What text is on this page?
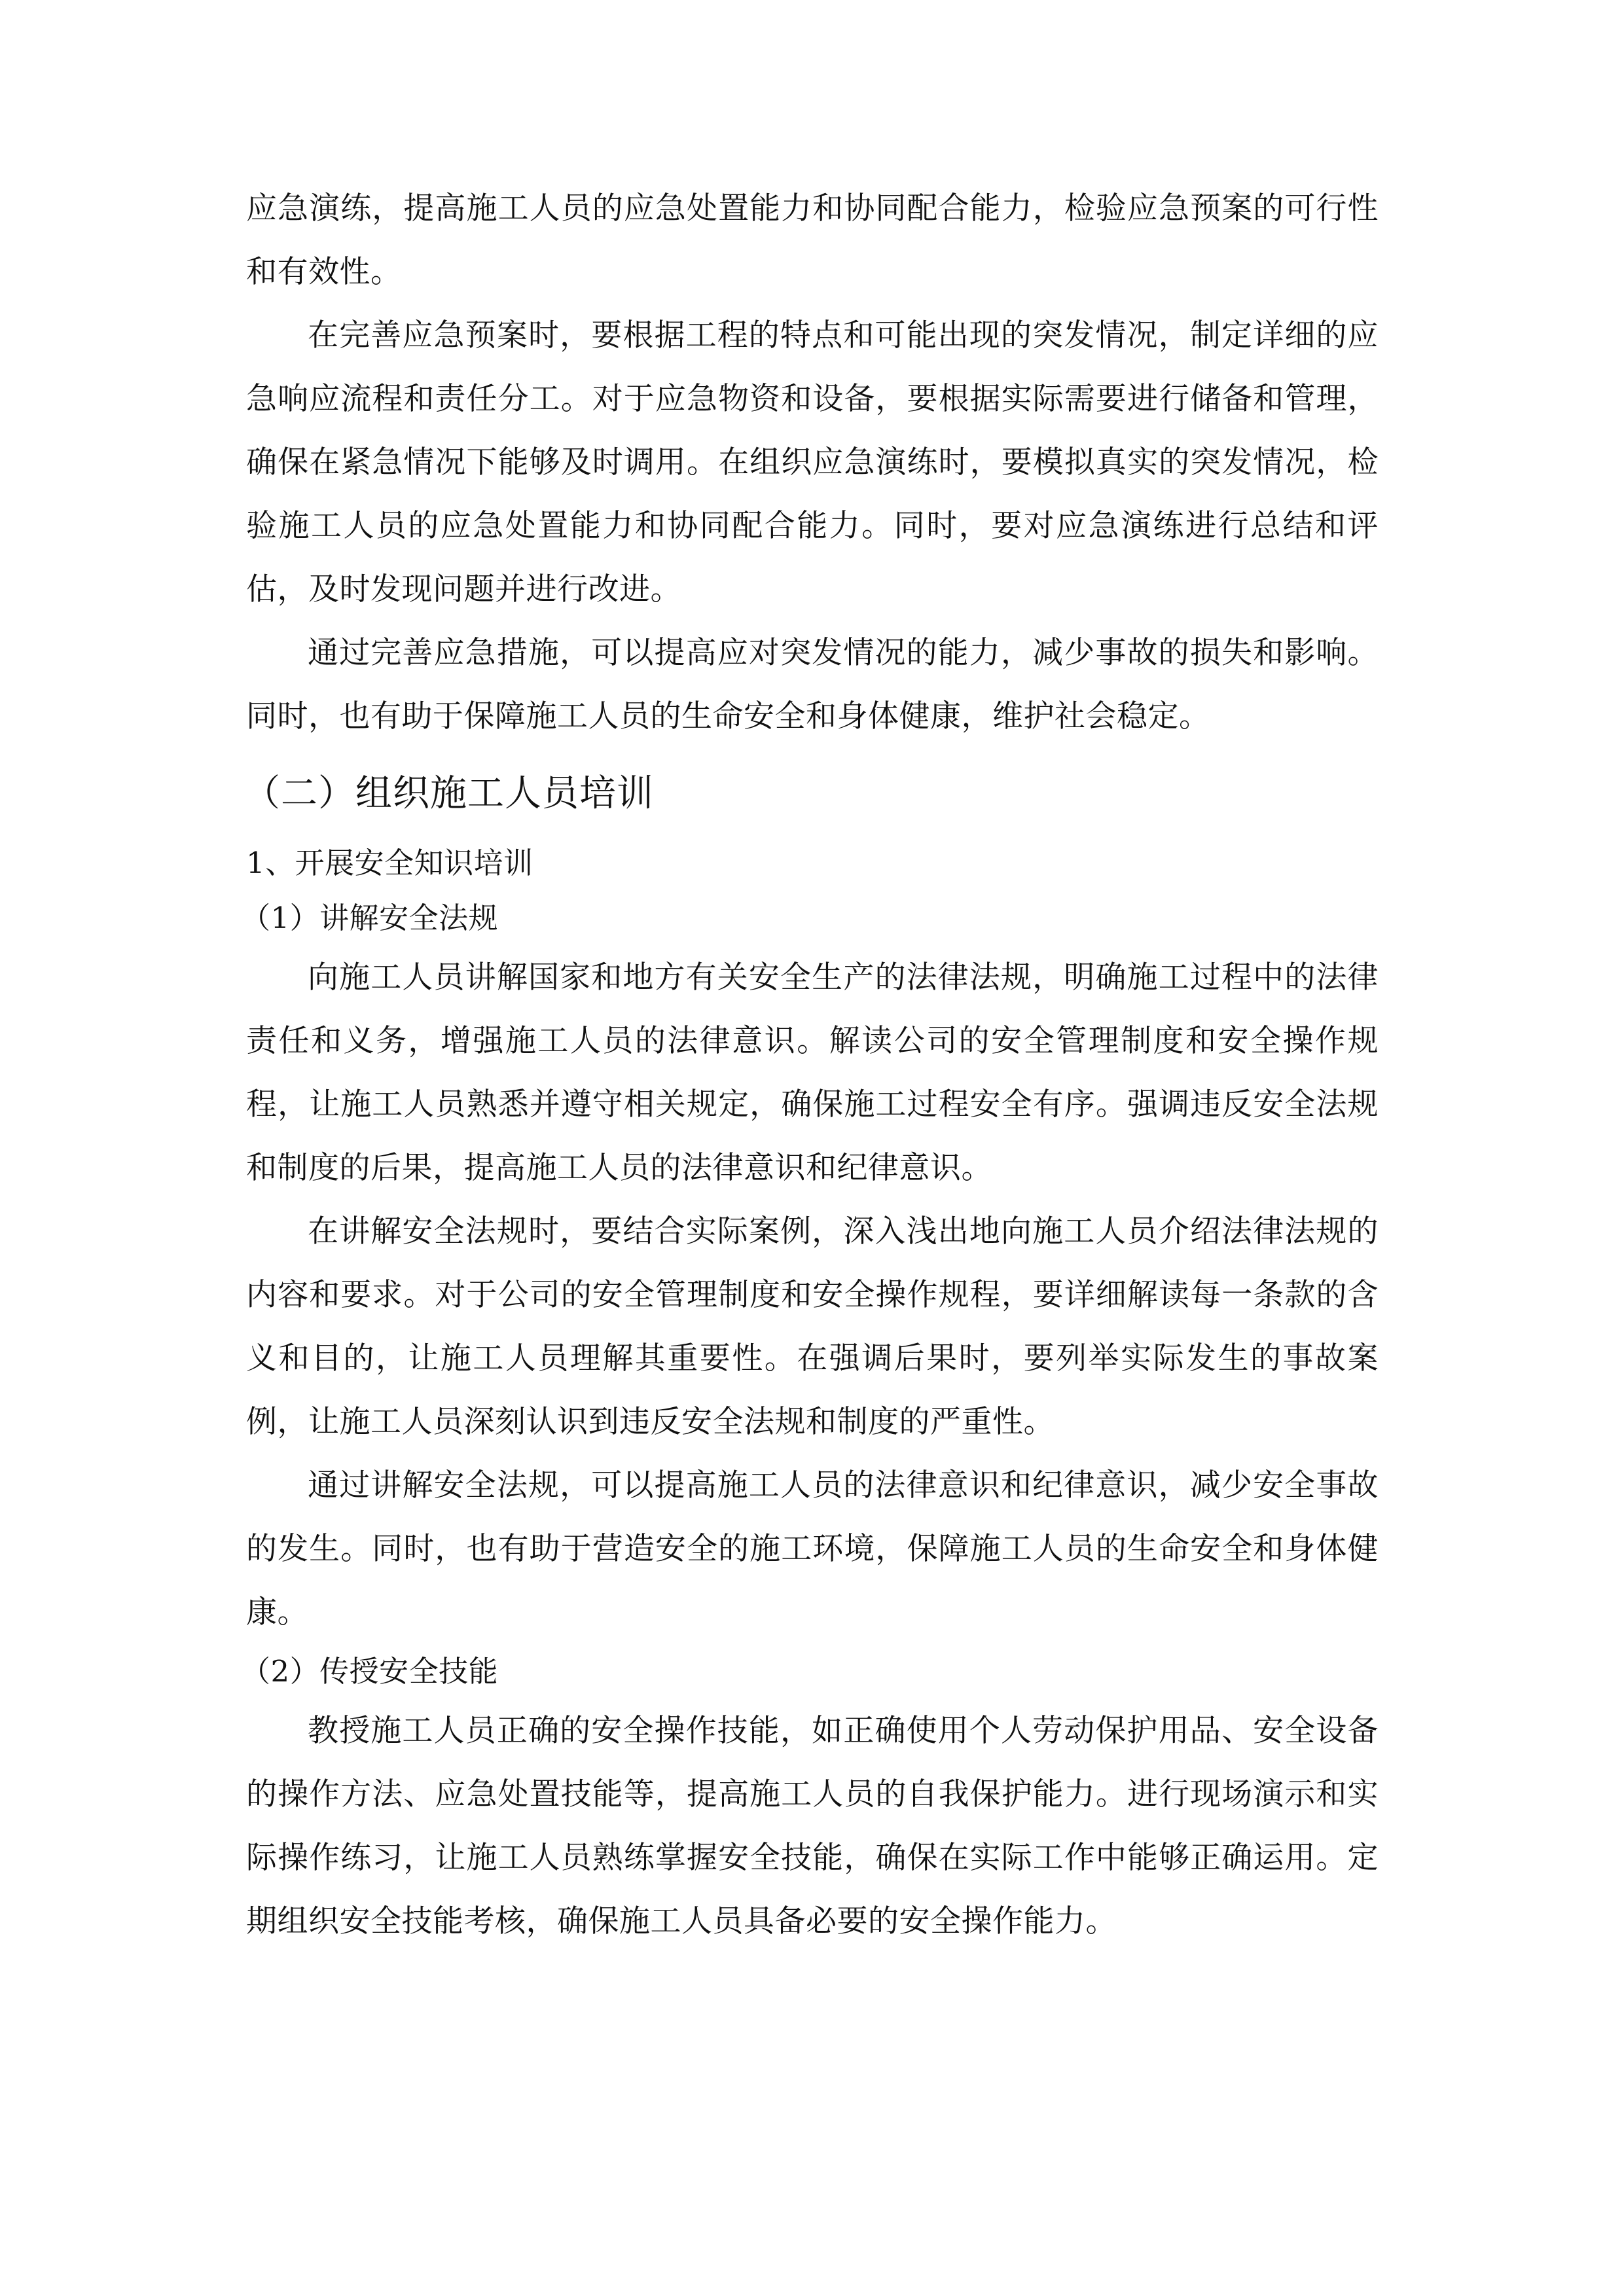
应急演练，提高施工人员的应急处置能力和协同配合能力，检验应急预案的可行性和有效性。

在完善应急预案时，要根据工程的特点和可能出现的突发情况，制定详细的应急响应流程和责任分工。对于应急物资和设备，要根据实际需要进行储备和管理，确保在紧急情况下能够及时调用。在组织应急演练时，要模拟真实的突发情况，检验施工人员的应急处置能力和协同配合能力。同时，要对应急演练进行总结和评估，及时发现问题并进行改进。

通过完善应急措施，可以提高应对突发情况的能力，减少事故的损失和影响。同时，也有助于保障施工人员的生命安全和身体健康，维护社会稳定。

（二）组织施工人员培训

1、开展安全知识培训

（1）讲解安全法规

向施工人员讲解国家和地方有关安全生产的法律法规，明确施工过程中的法律责任和义务，增强施工人员的法律意识。解读公司的安全管理制度和安全操作规程，让施工人员熟悉并遵守相关规定，确保施工过程安全有序。强调违反安全法规和制度的后果，提高施工人员的法律意识和纪律意识。

在讲解安全法规时，要结合实际案例，深入浅出地向施工人员介绍法律法规的内容和要求。对于公司的安全管理制度和安全操作规程，要详细解读每一条款的含义和目的，让施工人员理解其重要性。在强调后果时，要列举实际发生的事故案例，让施工人员深刻认识到违反安全法规和制度的严重性。

通过讲解安全法规，可以提高施工人员的法律意识和纪律意识，减少安全事故的发生。同时，也有助于营造安全的施工环境，保障施工人员的生命安全和身体健康。

（2）传授安全技能

教授施工人员正确的安全操作技能，如正确使用个人劳动保护用品、安全设备的操作方法、应急处置技能等，提高施工人员的自我保护能力。进行现场演示和实际操作练习，让施工人员熟练掌握安全技能，确保在实际工作中能够正确运用。定期组织安全技能考核，确保施工人员具备必要的安全操作能力。
